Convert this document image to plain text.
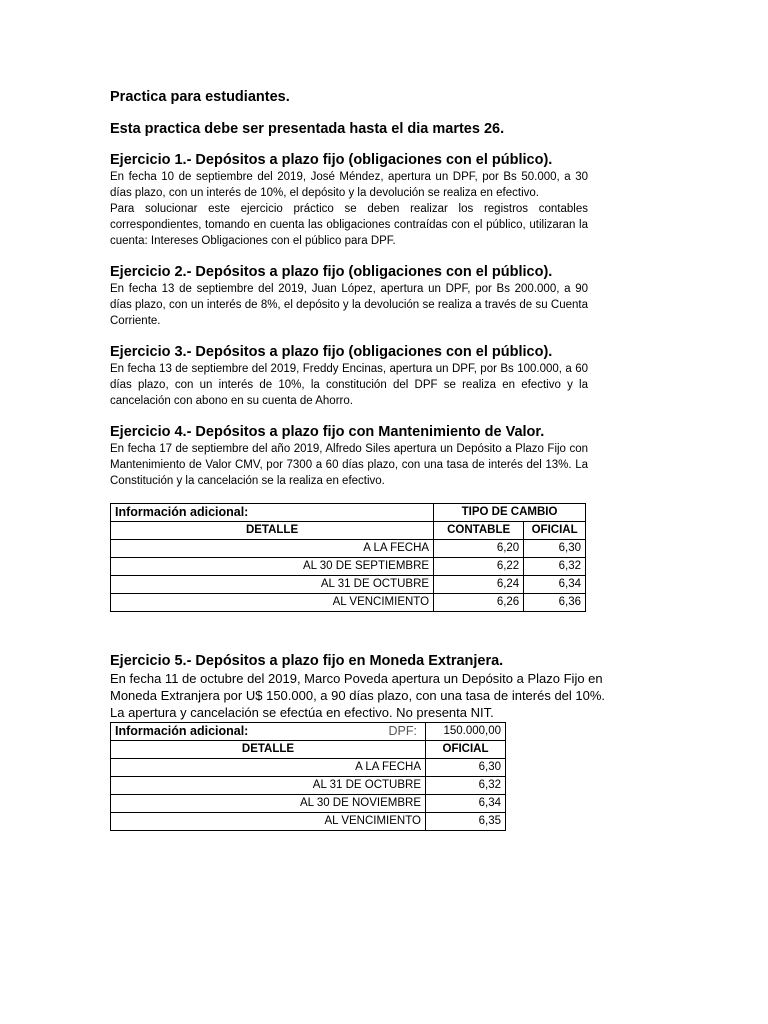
Practica para estudiantes.

Esta practica debe ser presentada hasta el dia martes 26.

Ejercicio 1.- Depósitos a plazo fijo (obligaciones con el público).

En fecha 10 de septiembre del 2019, José Méndez, apertura un DPF, por Bs 50.000, a 30 días plazo, con un interés de 10%, el depósito y la devolución se realiza en efectivo.

Para solucionar este ejercicio práctico se deben realizar los registros contables correspondientes, tomando en cuenta las obligaciones contraídas con el público, utilizaran la cuenta: Intereses Obligaciones con el público para DPF.

Ejercicio 2.- Depósitos a plazo fijo (obligaciones con el público).

En fecha 13 de septiembre del 2019, Juan López, apertura un DPF, por Bs 200.000, a 90 días plazo, con un interés de 8%, el depósito y la devolución se realiza a través de su Cuenta Corriente.

Ejercicio 3.- Depósitos a plazo fijo (obligaciones con el público).

En fecha 13 de septiembre del 2019, Freddy Encinas, apertura un DPF, por Bs 100.000, a 60 días plazo, con un interés de 10%, la constitución del DPF se realiza en efectivo y la cancelación con abono en su cuenta de Ahorro.

Ejercicio 4.- Depósitos a plazo fijo con Mantenimiento de Valor.

En fecha 17 de septiembre del año 2019, Alfredo Siles apertura un Depósito a Plazo Fijo con Mantenimiento de Valor CMV, por 7300 a 60 días plazo, con una tasa de interés del 13%. La Constitución y la cancelación se la realiza en efectivo.

Información adicional:	TIPO DE CAMBIO	
DETALLE	CONTABLE	OFICIAL
A LA FECHA	6,20	6,30
AL 30 DE SEPTIEMBRE	6,22	6,32
AL 31 DE OCTUBRE	6,24	6,34
AL VENCIMIENTO	6,26	6,36

Ejercicio 5.- Depósitos a plazo fijo en Moneda Extranjera.

En fecha 11 de octubre del 2019, Marco Poveda apertura un Depósito a Plazo Fijo en

Moneda Extranjera por U$ 150.000, a 90 días plazo, con una tasa de interés del 10%.

La apertura y cancelación se efectúa en efectivo. No presenta NIT.

Información adicional: DPF:	150.000,00
DETALLE	OFICIAL
A LA FECHA	6,30
AL 31 DE OCTUBRE	6,32
AL 30 DE NOVIEMBRE	6,34
AL VENCIMIENTO	6,35
